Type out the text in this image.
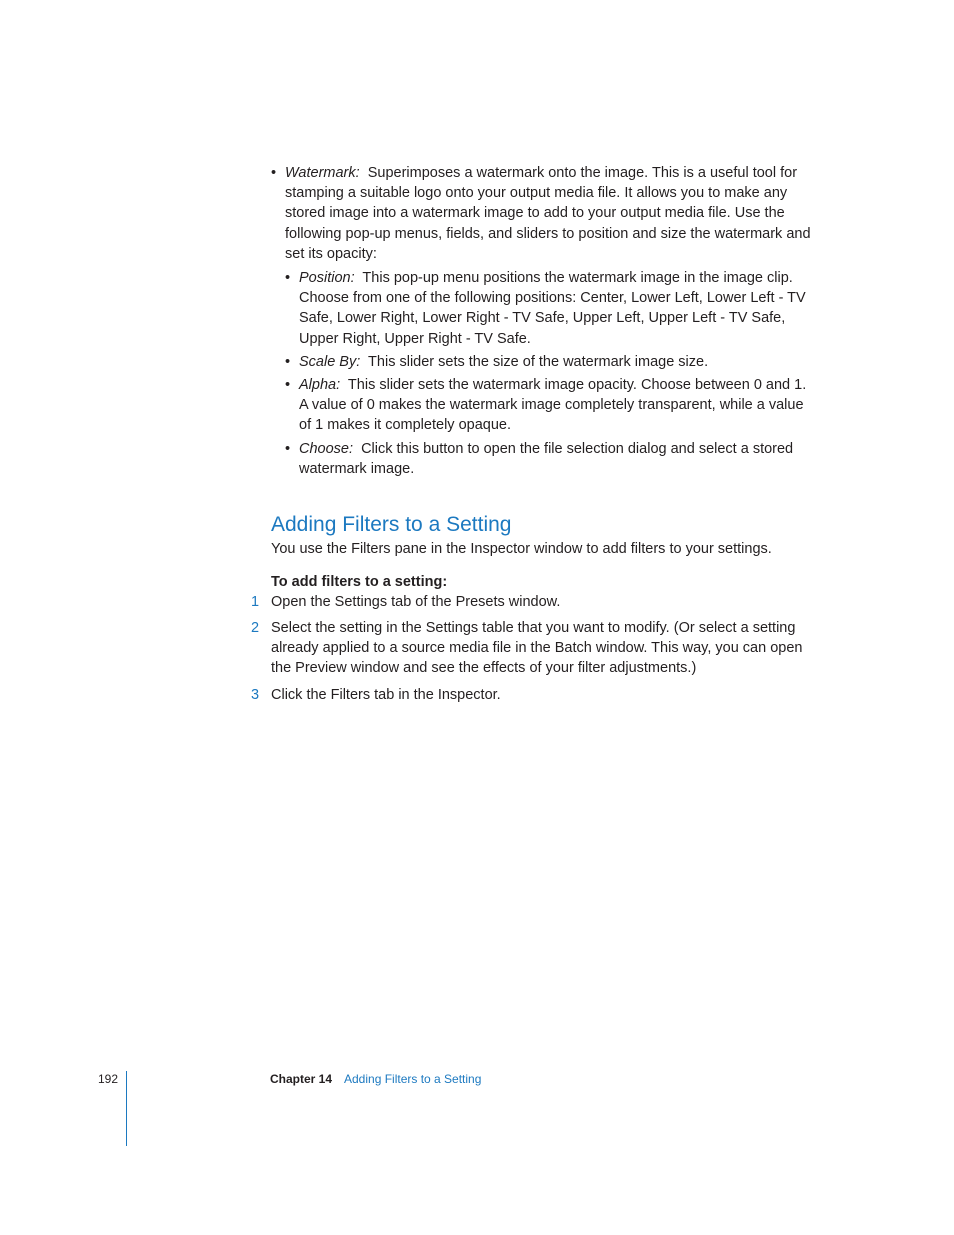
• Watermark: Superimposes a watermark onto the image. This is a useful tool for stamping a suitable logo onto your output media file. It allows you to make any stored image into a watermark image to add to your output media file. Use the following pop-up menus, fields, and sliders to position and size the watermark and set its opacity:
• Position: This pop-up menu positions the watermark image in the image clip. Choose from one of the following positions: Center, Lower Left, Lower Left - TV Safe, Lower Right, Lower Right - TV Safe, Upper Left, Upper Left - TV Safe, Upper Right, Upper Right - TV Safe.
• Scale By: This slider sets the size of the watermark image size.
• Alpha: This slider sets the watermark image opacity. Choose between 0 and 1. A value of 0 makes the watermark image completely transparent, while a value of 1 makes it completely opaque.
• Choose: Click this button to open the file selection dialog and select a stored watermark image.
Adding Filters to a Setting
You use the Filters pane in the Inspector window to add filters to your settings.
To add filters to a setting:
1 Open the Settings tab of the Presets window.
2 Select the setting in the Settings table that you want to modify. (Or select a setting already applied to a source media file in the Batch window. This way, you can open the Preview window and see the effects of your filter adjustments.)
3 Click the Filters tab in the Inspector.
192	Chapter 14 Adding Filters to a Setting
